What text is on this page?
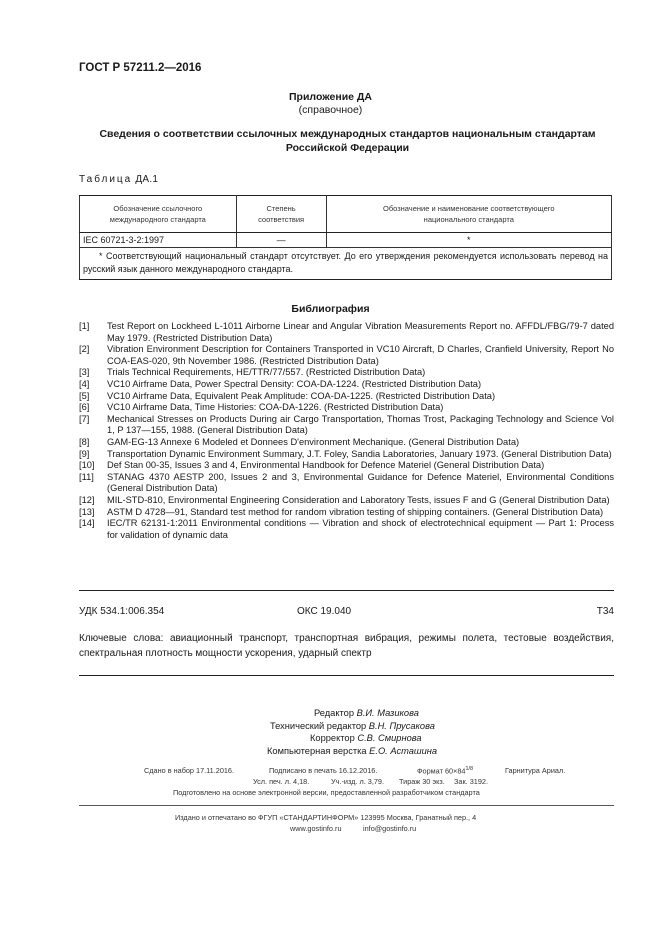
ГОСТ Р 57211.2—2016
Приложение ДА
(справочное)
Сведения о соответствии ссылочных международных стандартов национальным стандартам Российской Федерации
Таблица ДА.1
Обозначение ссылочного междунарoдного стандарта	Степень соответствия	Обозначение и наименование соответствующего национального стандарта
IEC 60721-3-2:1997	—	*
* Соответствующий национальный стандарт отсутствует. До его утверждения рекомендуется использовать перевод на русский язык данного международного стандарта.		
Библиография
[1]	Test Report on Lockheed L-1011 Airborne Linear and Angular Vibration Measurements Report no. AFFDL/FBG/79-7 dated May 1979. (Restricted Distribution Data)
[2]	Vibration Environment Description for Containers Transported in VC10 Aircraft, D Charles, Cranfield University, Report No COA-EAS-020, 9th November 1986. (Restricted Distribution Data)
[3]	Trials Technical Requirements, HE/TTR/77/557. (Restricted Distribution Data)
[4]	VC10 Airframe Data, Power Spectral Density: COA-DA-1224. (Restricted Distribution Data)
[5]	VC10 Airframe Data, Equivalent Peak Amplitude: COA-DA-1225. (Restricted Distribution Data)
[6]	VC10 Airframe Data, Time Histories: COA-DA-1226. (Restricted Distribution Data)
[7]	Mechanical Stresses on Products During air Cargo Transportation, Thomas Trost, Packaging Technology and Science Vol 1, P 137—155, 1988. (General Distribution Data)
[8]	GAM-EG-13 Annexe 6 Modeled et Donnees D'environment Mechanique. (General Distribution Data)
[9]	Transportation Dynamic Environment Summary, J.T. Foley, Sandia Laboratories, January 1973. (General Distribution Data)
[10]	Def Stan 00-35, Issues 3 and 4, Environmental Handbook for Defence Materiel (General Distribution Data)
[11]	STANAG 4370 AESTP 200, Issues 2 and 3, Environmental Guidance for Defence Materiel, Environmental Conditions (General Distribution Data)
[12]	MIL-STD-810, Environmental Engineering Consideration and Laboratory Tests, issues F and G (General Distribution Data)
[13]	ASTM D 4728—91, Standard test method for random vibration testing of shipping containers. (General Distribution Data)
[14]	IEC/TR 62131-1:2011 Environmental conditions — Vibration and shock of electrotechnical equipment — Part 1: Process for validation of dynamic data
УДК 534.1:006.354	ОКС 19.040	Т34
Ключевые слова: авиационный транспорт, транспортная вибрация, режимы полета, тестовые воздействия, спектральная плотность мощности ускорения, ударный спектр
Редактор В.И. Мазикова
Технический редактор В.Н. Прусакова
Корректор С.В. Смирнова
Компьютерная верстка Е.О. Асташина
Сдано в набор 17.11.2016.	Подписано в печать 16.12.2016.	Формат $60\times 84^{1/8}$	Гарнитура Ариал.
Усл. печ. л. 4,18.	Уч.-изд. л. 3,79. Тираж 30 экз. Зак. 3192.
Подготовлено на основе электронной версии, предоставленной разработчиком стандарта
Издано и отпечатано во ФГУП «СТАНДАРТИНФОРМ» 123995 Москва, Гранатный пер., 4
www.gostinfo.ru	info@gostinfo.ru
